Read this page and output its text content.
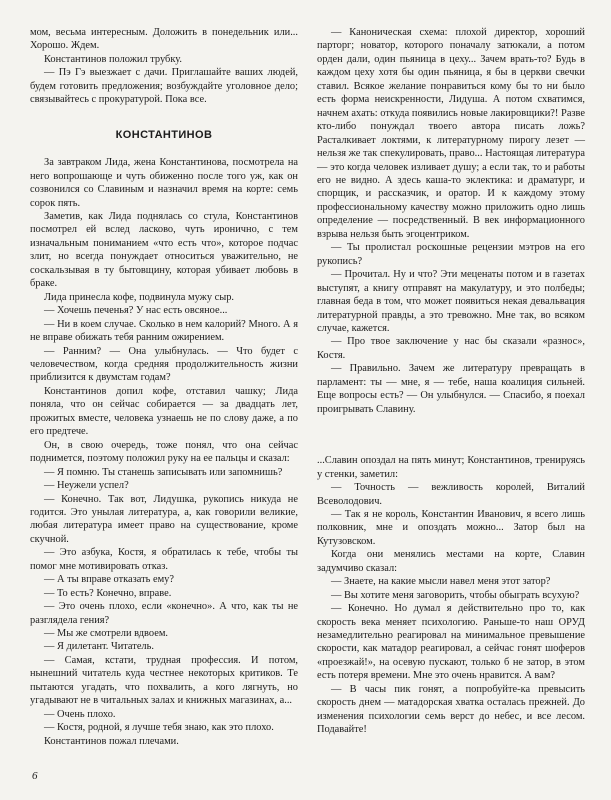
мом, весьма интересным. Доложить в понедельник или... Хорошо. Ждем.

Константинов положил трубку.

— Пэ Гэ выезжает с дачи. Приглашайте ваших людей, будем готовить предложения; возбуждайте уголовное дело; связывайтесь с прокуратурой. Пока все.

КОНСТАНТИНОВ

За завтраком Лида, жена Константинова, посмотрела на него вопрошающе и чуть обиженно после того уж, как он созвонился со Славиным и назначил время на корте: семь сорок пять.

Заметив, как Лида поднялась со стула, Константинов посмотрел ей вслед ласково, чуть иронично, с тем изначальным пониманием «что есть что», которое подчас злит, но всегда понуждает относиться уважительно, не соскальзывая в ту бытовщину, которая убивает любовь в браке.

Лида принесла кофе, подвинула мужу сыр.

— Хочешь печенья? У нас есть овсяное...

— Ни в коем случае. Сколько в нем калорий? Много. А я не вправе обижать тебя ранним ожирением.

— Ранним? — Она улыбнулась. — Что будет с человечеством, когда средняя продолжительность жизни приблизится к двумстам годам?

Константинов допил кофе, отставил чашку; Лида поняла, что он сейчас собирается — за двадцать лет, прожитых вместе, человека узнаешь не по слову даже, а по его предтече.

Он, в свою очередь, тоже понял, что она сейчас поднимется, поэтому положил руку на ее пальцы и сказал:

— Я помню. Ты станешь записывать или запомнишь?

— Неужели успел?

— Конечно. Так вот, Лидушка, рукопись никуда не годится. Это унылая литература, а, как говорили великие, любая литература имеет право на существование, кроме скучной.

— Это азбука, Костя, я обратилась к тебе, чтобы ты помог мне мотивировать отказ.

— А ты вправе отказать ему?

— То есть? Конечно, вправе.

— Это очень плохо, если «конечно». А что, как ты не разглядела гения?

— Мы же смотрели вдвоем.

— Я дилетант. Читатель.

— Самая, кстати, трудная профессия. И потом, нынешний читатель куда честнее некоторых критиков. Те пытаются угадать, что похвалить, а кого лягнуть, но угадывают не в читальных залах и книжных магазинах, а...

— Очень плохо.

— Костя, родной, я лучше тебя знаю, как это плохо.

Константинов пожал плечами.

— Каноническая схема: плохой директор, хороший парторг; новатор, которого поначалу затюкали, а потом орден дали, один пьяница в цеху... Зачем врать-то? Будь в каждом цеху хотя бы один пьяница, я бы в церкви свечки ставил. Всякое желание понравиться кому бы то ни было есть форма неискренности, Лидуша. А потом схватимся, начнем ахать: откуда появились новые лакировщики?! Разве кто-либо понуждал твоего автора писать ложь? Расталкивает локтями, к литературному пирогу лезет — нельзя же так спекулировать, право... Настоящая литература — это когда человек изливает душу; а если так, то и работы его не видно. А здесь каша-то эклектика: и драматург, и спорщик, и рассказчик, и оратор. И к каждому этому профессиональному качеству можно приложить одно лишь определение — посредственный. В век информационного взрыва нельзя быть эгоцентриком.

— Ты пролистал роскошные рецензии мэтров на его рукопись?

— Прочитал. Ну и что? Эти меценаты потом и в газетах выступят, а книгу отправят на макулатуру, и это полбеды; главная беда в том, что может появиться некая девальвация литературной правды, а это тревожно. Мне так, во всяком случае, кажется.

— Про твое заключение у нас бы сказали «разнос», Костя.

— Правильно. Зачем же литературу превращать в парламент: ты — мне, я — тебе, наша коалиция сильней. Еще вопросы есть? — Он улыбнулся. — Спасибо, я поехал проигрывать Славину.

...Славин опоздал на пять минут; Константинов, тренируясь у стенки, заметил:

— Точность — вежливость королей, Виталий Всеволодович.

— Так я не король, Константин Иванович, я всего лишь полковник, мне и опоздать можно... Затор был на Кутузовском.

Когда они менялись местами на корте, Славин задумчиво сказал:

— Знаете, на какие мысли навел меня этот затор?

— Вы хотите меня заговорить, чтобы обыграть всухую?

— Конечно. Но думал я действительно про то, как скорость века меняет психологию. Раньше-то наш ОРУД незамедлительно реагировал на минимальное превышение скорости, как матадор реагировал, а сейчас гонят шоферов «проезжай!», на осевую пускают, только б не затор, в этом есть потеря времени. Мне это очень нравится. А вам?

— В часы пик гонят, а попробуйте-ка превысить скорость днем — матадорская хватка осталась прежней. До изменения психологии семь верст до небес, и все лесом. Подавайте!

6
